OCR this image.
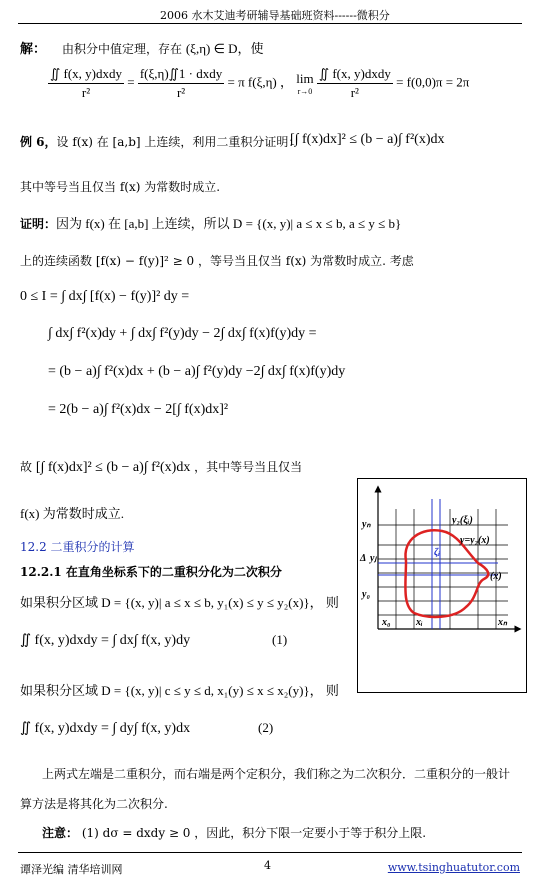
2006 水木艾迪考研辅导基础班资料------微积分
解： 由积分中值定理，存在 (ξ,η) ∈ D，使
$\frac{\text{∬ f(x, y)dxdy}}{\text{r²}} = \frac{\text{f(ξ,η)∬1 · dxdy}}{\text{r²}} = \pi$ f(ξ,η) ， lim
r→0
$\frac{\text{∬ f(x, y)dxdy}}{\text{r²}} = f(0,0)\pi = 2\pi$
例 6，设 f(x) 在 [a,b] 上连续，利用二重积分证明：
[∫ f(x)dx]² ≤ (b − a)∫ f²(x)dx
其中等号当且仅当 f(x) 为常数时成立.
证明：因为 f(x) 在 [a,b] 上连续，所以 D = {(x, y)| a ≤ x ≤ b, a ≤ y ≤ b}
上的连续函数 [f(x) − f(y)]² ≥ 0 ，等号当且仅当 f(x) 为常数时成立. 考虑
0 ≤ I = ∫ dx∫ [f(x) − f(y)]² dy =
∫ dx∫ f²(x)dy + ∫ dx∫ f²(y)dy − 2∫ dx∫ f(x)f(y)dy =
= (b − a)∫ f²(x)dx + (b − a)∫ f²(y)dy −2∫ dx∫ f(x)f(y)dy
= 2(b − a)∫ f²(x)dx − 2[∫ f(x)dx]²
故 [∫ f(x)dx]² ≤ (b − a)∫ f²(x)dx ，其中等号当且仅当
f(x) 为常数时成立.
12.2 二重积分的计算
12.2.1 在直角坐标系下的二重积分化为二次积分
如果积分区域 D = {(x, y)| a ≤ x ≤ b, y₁(x) ≤ y ≤ y₂(x)}， 则
∬ f(x, y)dxdy = ∫ dx∫ f(x, y)dy	(1)
如果积分区域 D = {(x, y)| c ≤ y ≤ d, x₁(y) ≤ x ≤ x₂(y)}， 则
∬ f(x, y)dxdy = ∫ dy∫ f(x, y)dx	(2)
上两式左端是二重积分，而右端是两个定积分，我们称之为二次积分．二重积分的一般计
算方法是将其化为二次积分.
注意： (1) dσ = dxdy ≥ 0 ，因此，积分下限一定要小于等于积分上限.
yₙ
Δ yⱼ
y₀
x₀	xᵢ	xₙ
y₂(ξᵢ)
y=y₂(x)
ζᵢ
(x)
谭泽光编 清华培训网	4	www.tsinghuatutor.com
